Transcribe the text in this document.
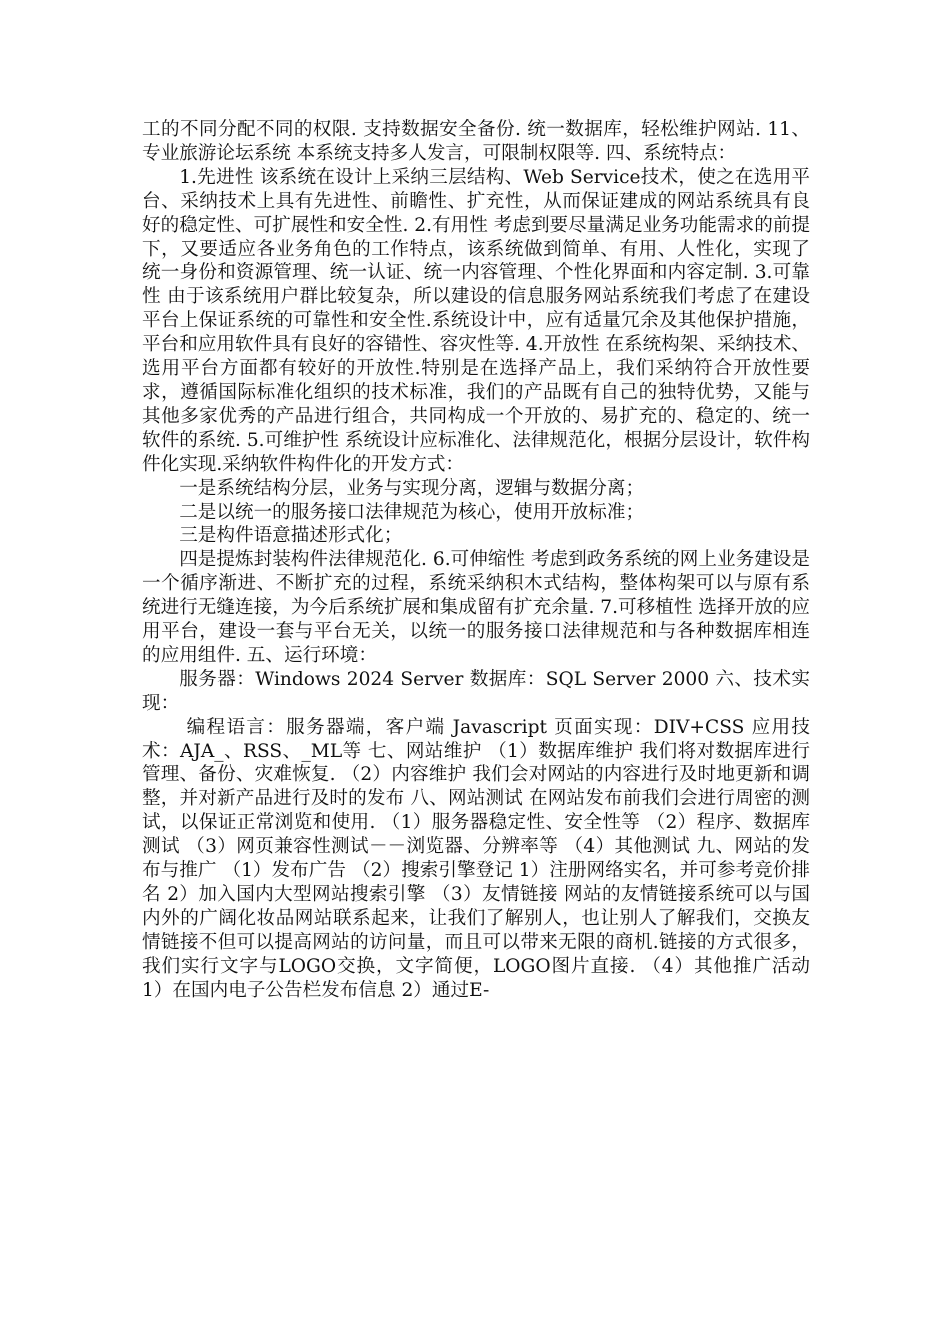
工的不同分配不同的权限. 支持数据安全备份. 统一数据库，轻松维护网站. 11、专业旅游论坛系统 本系统支持多人发言，可限制权限等. 四、系统特点：

1.先进性 该系统在设计上采纳三层结构、Web Service技术，使之在选用平台、采纳技术上具有先进性、前瞻性、扩充性，从而保证建成的网站系统具有良好的稳定性、可扩展性和安全性. 2.有用性 考虑到要尽量满足业务功能需求的前提下，又要适应各业务角色的工作特点，该系统做到简单、有用、人性化，实现了统一身份和资源管理、统一认证、统一内容管理、个性化界面和内容定制. 3.可靠性 由于该系统用户群比较复杂，所以建设的信息服务网站系统我们考虑了在建设平台上保证系统的可靠性和安全性.系统设计中，应有适量冗余及其他保护措施，平台和应用软件具有良好的容错性、容灾性等. 4.开放性 在系统构架、采纳技术、选用平台方面都有较好的开放性.特别是在选择产品上，我们采纳符合开放性要求，遵循国际标准化组织的技术标准，我们的产品既有自己的独特优势，又能与其他多家优秀的产品进行组合，共同构成一个开放的、易扩充的、稳定的、统一软件的系统. 5.可维护性 系统设计应标准化、法律规范化，根据分层设计，软件构件化实现.采纳软件构件化的开发方式：

一是系统结构分层，业务与实现分离，逻辑与数据分离；

二是以统一的服务接口法律规范为核心，使用开放标准；

三是构件语意描述形式化；

四是提炼封装构件法律规范化. 6.可伸缩性 考虑到政务系统的网上业务建设是一个循序渐进、不断扩充的过程，系统采纳积木式结构，整体构架可以与原有系统进行无缝连接，为今后系统扩展和集成留有扩充余量. 7.可移植性 选择开放的应用平台，建设一套与平台无关，以统一的服务接口法律规范和与各种数据库相连的应用组件. 五、运行环境：

服务器：Windows 2024 Server 数据库：SQL Server 2000 六、技术实现：

编程语言：服务器端，客户端 Javascript 页面实现：DIV+CSS 应用技术：AJA_、RSS、_ML等 七、网站维护 （1）数据库维护 我们将对数据库进行管理、备份、灾难恢复. （2）内容维护 我们会对网站的内容进行及时地更新和调整，并对新产品进行及时的发布 八、网站测试 在网站发布前我们会进行周密的测试，以保证正常浏览和使用. （1）服务器稳定性、安全性等 （2）程序、数据库测试 （3）网页兼容性测试－－浏览器、分辨率等 （4）其他测试 九、网站的发布与推广 （1）发布广告 （2）搜索引擎登记 1）注册网络实名，并可参考竞价排名 2）加入国内大型网站搜索引擎 （3）友情链接 网站的友情链接系统可以与国内外的广阔化妆品网站联系起来，让我们了解别人，也让别人了解我们，交换友情链接不但可以提高网站的访问量，而且可以带来无限的商机.链接的方式很多，我们实行文字与LOGO交换，文字简便，LOGO图片直接. （4）其他推广活动 1）在国内电子公告栏发布信息 2）通过E-
